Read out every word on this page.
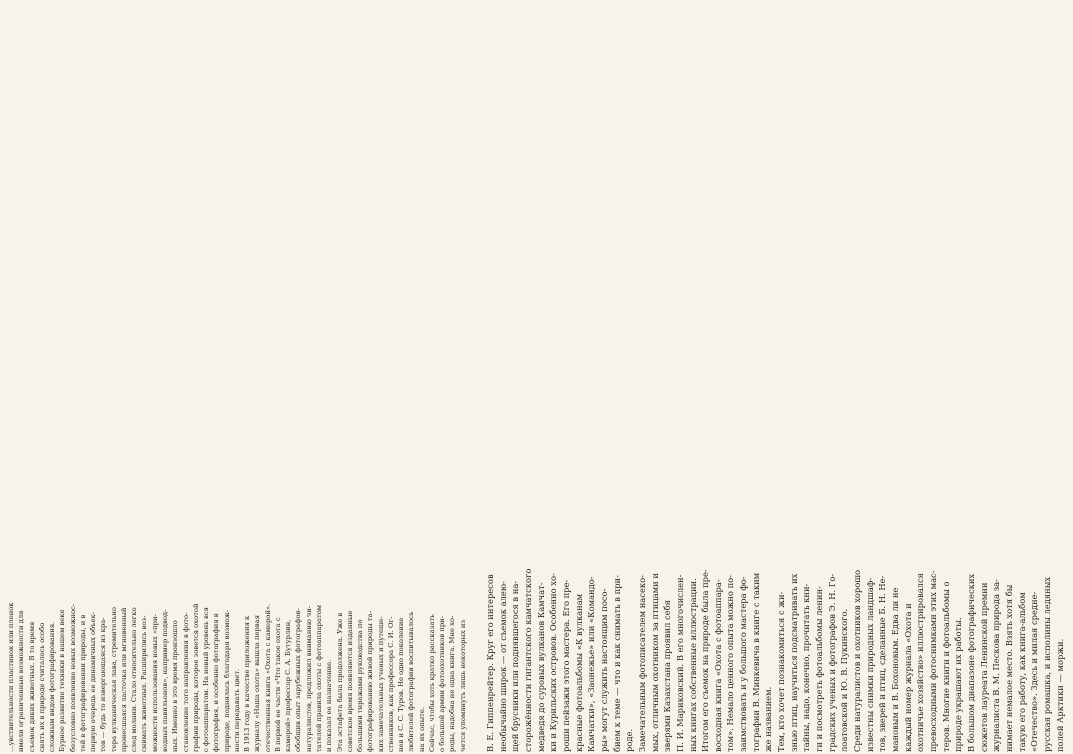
...увствительности пластинок или пленок имели ограниченные возможности для съемок диких животных. В то время снять их в природе считалось особо сложным видом фотографирования. Бурное развитие техники в нашем веке безусловно появление новых возможнос- тей в фотографировании природы, и в первую очередь ее динамичных объек- тов — будь то извергающаяся из кра- тера вулканическая лава, стремительно пронесшаяся ласточка или мгновенный след молнии. Стало относительно легко снимать животных. Расширились воз- можности использования новых «при- водных павильонов», например подвод- ных. Именно в это время произошло становление того направления в фото- графии природы, которое зовется охотой с фотоаппаратом. На новый уровень вся фотография, и особенно фотография в природе, поднялась благодаря возмож- ности передавать цвет. В 1913 году в качестве приложения к журналу «Наша охота» вышла первая отечественная книга «Охота с камерой». В первой ее части «Что такое охота с камерой» профессор С. А. Бутурлин, обобщив опыт зарубежных фотографов- натуралистов, предложил вниманию чи- тателей правила охоты с фотоаппаратом и показал ее назначение. Эта эстафета была продолжена. Уже в советское время появляются изданные большими тиражами руководства по фотографированию живой природы та- ких замечательных ученых и путеше- ственников, как профессора С. И. Ог- нев и С. С. Туров. Не одно поколение любителей фотографии воспитывалось на их опыте. Сейчас, чтобы хоть кратко рассказать о большой армии фотоохотников при- роды, надобна не одна книга. Мне хо- чется упомянуть лишь некоторых из В. Е. Гиппенрейтер. Круг его интересов необычайно широк — от съемок алею- щей брусники или поднявшегося в на- сторожённости гигантского камчатского медведя до суровых вулканов Камчат- ки и Курильских островов. Особенно хо- роши пейзажи этого мастера. Его пре- красные фотоальбомы «К вулканам Камчатки», «Заонежье» или «Командо- ры» могут служить настоящим посо- бием к теме — что и как снимать в при- роде. Замечательным фотописателем насеко- мых, отличным охотником за птицами и зверями Казахстана проявил себя П. И. Мариковский. В его многочислен- ных книгах собственные иллюстрации. Итогом его съемок на природе была пре- восходная книга «Охота с фотоаппара- том». Немало ценного опыта можно по- заимствовать и у большого мастера фо- тографии В. Минкевича в книге с таким же названием. Тем, кто хочет познакомиться с жи- знью птиц, научиться подсматривать их тайны, надо, конечно, прочитать кни- ги и посмотреть фотоальбомы ленин- градских ученых и фотографов Э. Н. Го- лоатовской и Ю. В. Пукинского. Среди натуралистов и охотников хорошо известны снимки природных ландшаф- тов, зверей и птиц, сделанные Б. Н. Не- мановым и В. Бохоновым. Едва ли не каждый номер журнала «Охота и охотничье хозяйство» иллюстрировался превосходными фотоснимками этих мас- теров. Многие книги и фотоальбомы о природе украшают их работы. В большом диапазоне фотографических сюжетов лауреата Ленинской премии журналиста В. М. Пескова природа за- нимает немалое место. Взять хотя бы такую его работу, как книга-альбом «Отечество». Здесь и милая средне- русская ромашка, и исполины ледяных полей Арктики — моржи.
